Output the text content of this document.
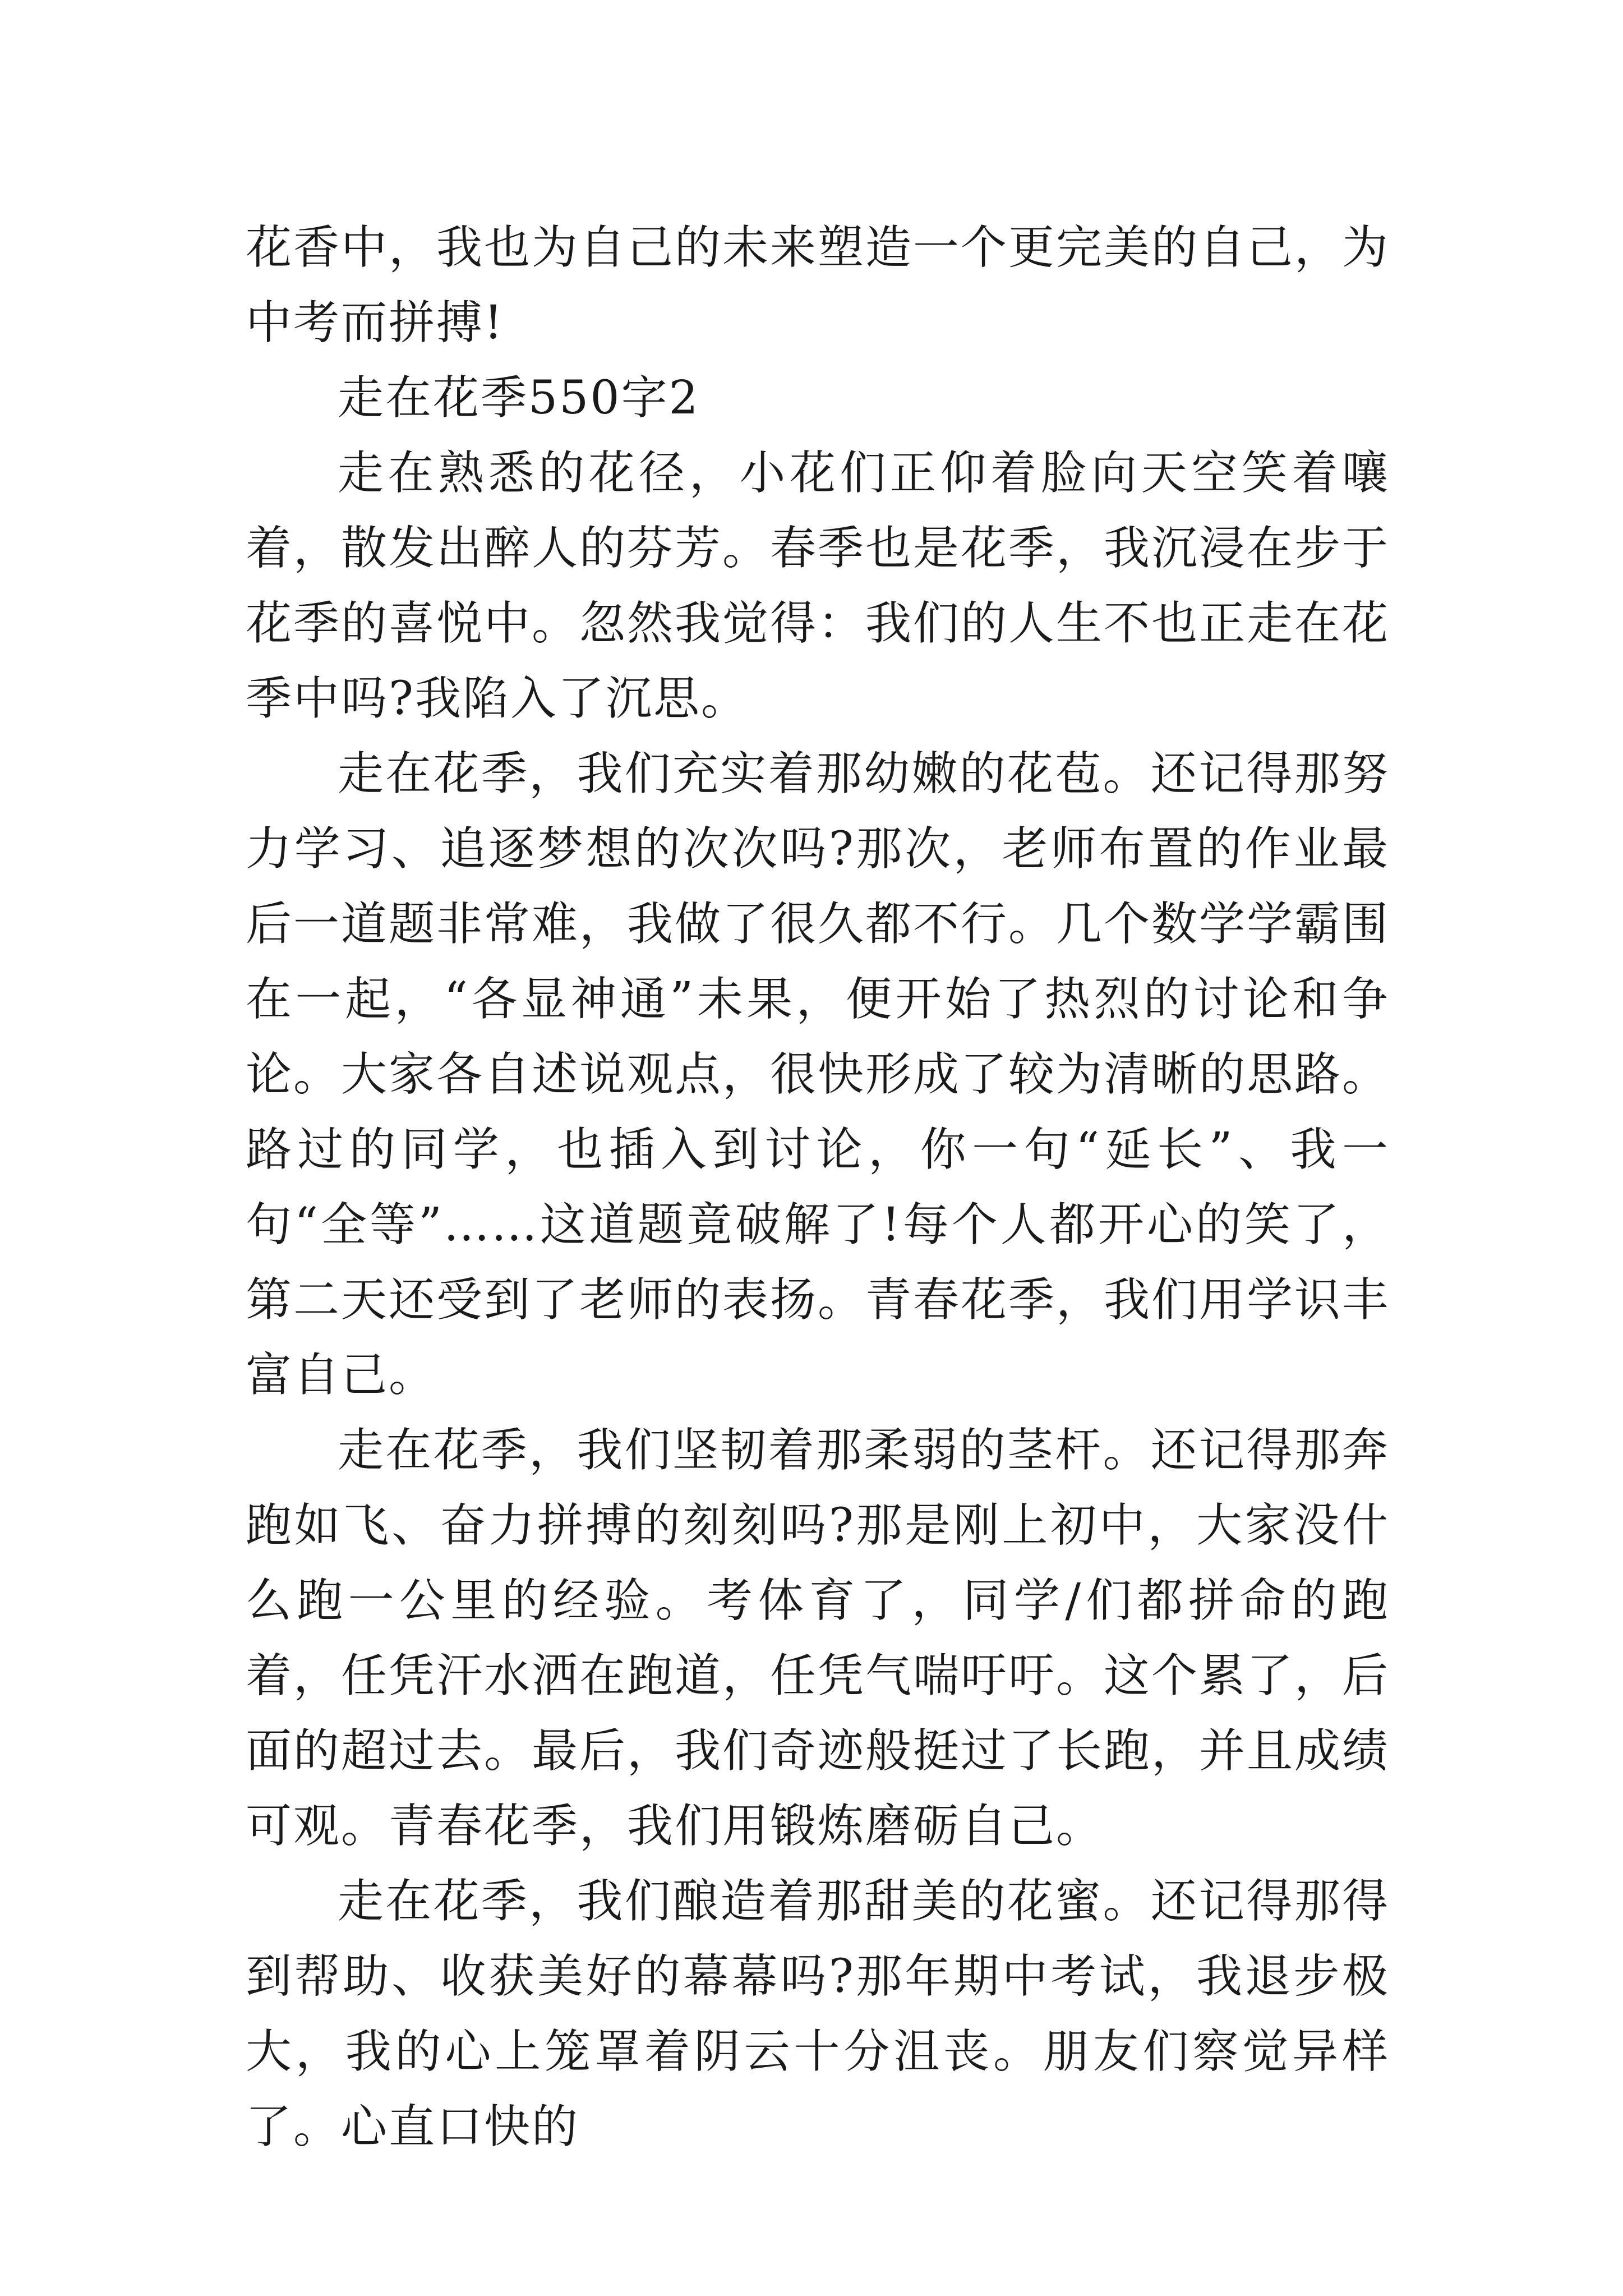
花香中，我也为自己的未来塑造一个更完美的自己，为中考而拼搏!

走在花季550字2

走在熟悉的花径，小花们正仰着脸向天空笑着嚷着，散发出醉人的芬芳。春季也是花季，我沉浸在步于花季的喜悦中。忽然我觉得：我们的人生不也正走在花季中吗?我陷入了沉思。

走在花季，我们充实着那幼嫩的花苞。还记得那努力学习、追逐梦想的次次吗?那次，老师布置的作业最后一道题非常难，我做了很久都不行。几个数学学霸围在一起，“各显神通”未果，便开始了热烈的讨论和争论。大家各自述说观点，很快形成了较为清晰的思路。路过的同学，也插入到讨论，你一句“延长”、我一句“全等”……这道题竟破解了!每个人都开心的笑了，第二天还受到了老师的表扬。青春花季，我们用学识丰富自己。

走在花季，我们坚韧着那柔弱的茎杆。还记得那奔跑如飞、奋力拼搏的刻刻吗?那是刚上初中，大家没什么跑一公里的经验。考体育了，同学/们都拼命的跑着，任凭汗水洒在跑道，任凭气喘吁吁。这个累了，后面的超过去。最后，我们奇迹般挺过了长跑，并且成绩可观。青春花季，我们用锻炼磨砺自己。

走在花季，我们酿造着那甜美的花蜜。还记得那得到帮助、收获美好的幕幕吗?那年期中考试，我退步极大，我的心上笼罩着阴云十分沮丧。朋友们察觉异样了。心直口快的
